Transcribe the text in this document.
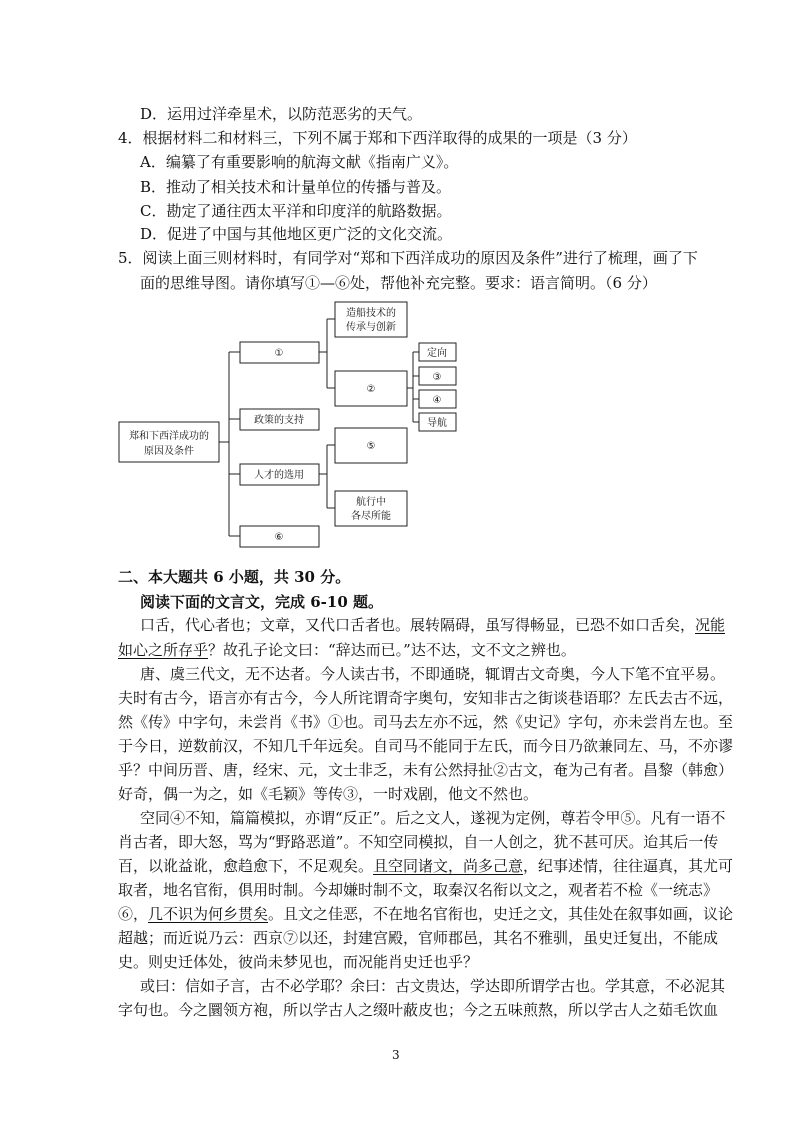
D．运用过洋牵星术，以防范恶劣的天气。
4．根据材料二和材料三，下列不属于郑和下西洋取得的成果的一项是（3 分）
A．编纂了有重要影响的航海文献《指南广义》。
B．推动了相关技术和计量单位的传播与普及。
C．勘定了通往西太平洋和印度洋的航路数据。
D．促进了中国与其他地区更广泛的文化交流。
5．阅读上面三则材料时，有同学对“郑和下西洋成功的原因及条件”进行了梳理，画了下
面的思维导图。请你填写①—⑥处，帮他补充完整。要求：语言简明。（6 分）
郑和下西洋成功的
原因及条件
①
政策的支持
人才的选用
⑥
造船技术的
传承与创新
②
定向
③
④
导航
⑤
航行中
各尽所能
二、本大题共 6 小题，共 30 分。
阅读下面的文言文，完成 6-10 题。
口舌，代心者也；文章，又代口舌者也。展转隔碍，虽写得畅显，已恐不如口舌矣，况能
如心之所存乎？故孔子论文曰：“辞达而已。”达不达，文不文之辨也。
唐、虞三代文，无不达者。今人读古书，不即通晓，辄谓古文奇奥，今人下笔不宜平易。
夫时有古今，语言亦有古今，今人所诧谓奇字奥句，安知非古之街谈巷语耶？左氏去古不远，
然《传》中字句，未尝肖《书》①也。司马去左亦不远，然《史记》字句，亦未尝肖左也。至
于今日，逆数前汉，不知几千年远矣。自司马不能同于左氏，而今日乃欲兼同左、马，不亦谬
乎？中间历晋、唐，经宋、元，文士非乏，未有公然挦扯②古文，奄为己有者。昌黎（韩愈）
好奇，偶一为之，如《毛颖》等传③，一时戏剧，他文不然也。
空同④不知，篇篇模拟，亦谓“反正”。后之文人，遂视为定例，尊若令甲⑤。凡有一语不
肖古者，即大怒，骂为“野路恶道”。不知空同模拟，自一人创之，犹不甚可厌。迨其后一传
百，以讹益讹，愈趋愈下，不足观矣。且空同诸文，尚多己意，纪事述情，往往逼真，其尤可
取者，地名官衔，俱用时制。今却嫌时制不文，取秦汉名衔以文之，观者若不检《一统志》
⑥，几不识为何乡贯矣。且文之佳恶，不在地名官衔也，史迁之文，其佳处在叙事如画，议论
超越；而近说乃云：西京⑦以还，封建宫殿，官师郡邑，其名不雅驯，虽史迁复出，不能成
史。则史迁体处，彼尚未梦见也，而况能肖史迁也乎？
或曰：信如子言，古不必学耶？余曰：古文贵达，学达即所谓学古也。学其意，不必泥其
字句也。今之圜领方袍，所以学古人之缀叶蔽皮也；今之五味煎熬，所以学古人之茹毛饮血
3
